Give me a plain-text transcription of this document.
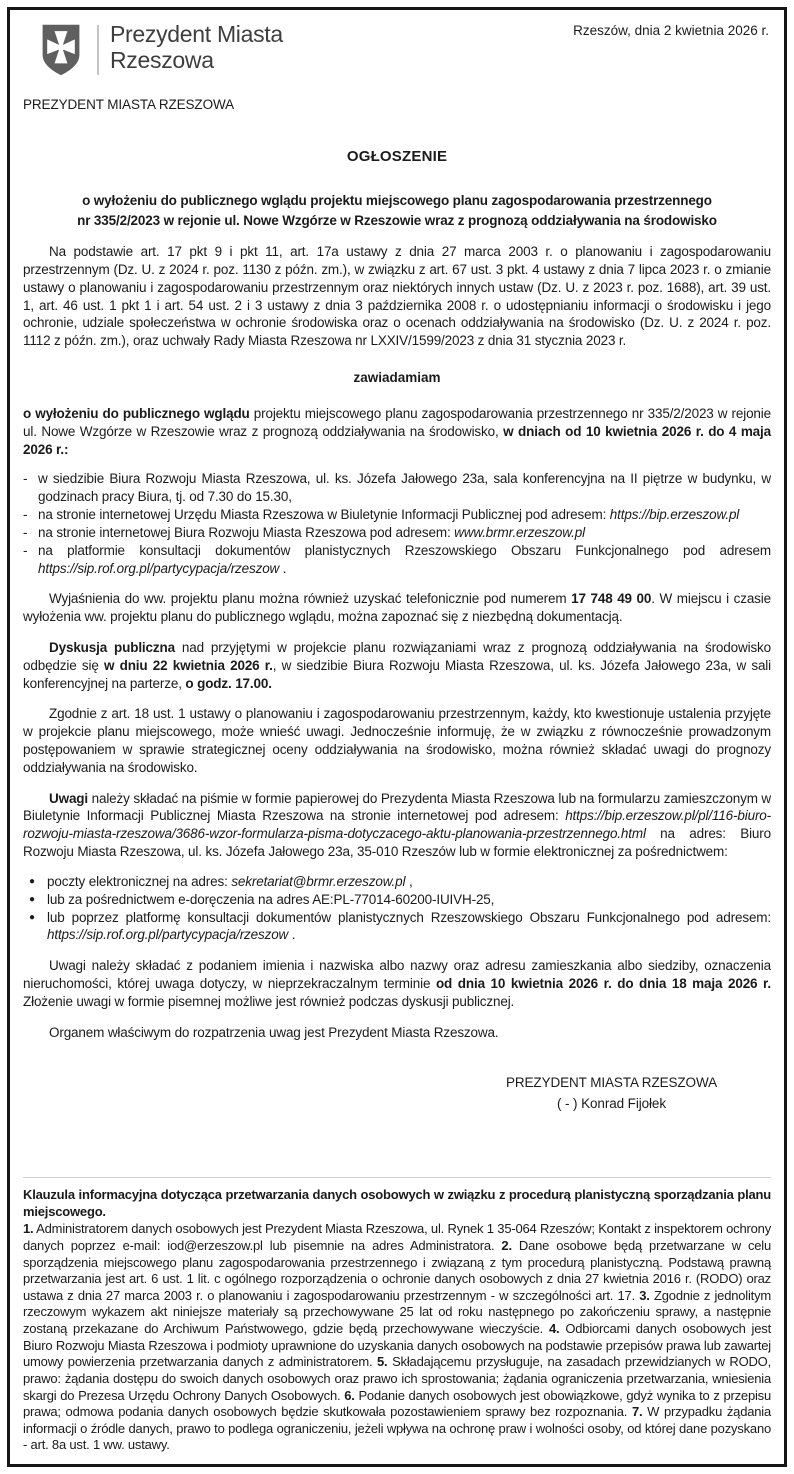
Prezydent Miasta
Rzeszowa
Rzeszów, dnia 2 kwietnia 2026 r.
PREZYDENT MIASTA RZESZOWA
OGŁOSZENIE
o wyłożeniu do publicznego wglądu projektu miejscowego planu zagospodarowania przestrzennego
nr 335/2/2023 w rejonie ul. Nowe Wzgórze w Rzeszowie wraz z prognozą oddziaływania na środowisko
Na podstawie art. 17 pkt 9 i pkt 11, art. 17a ustawy z dnia 27 marca 2003 r. o planowaniu i zagospodarowaniu przestrzennym (Dz. U. z 2024 r. poz. 1130 z późn. zm.), w związku z art. 67 ust. 3 pkt. 4 ustawy z dnia 7 lipca 2023 r. o zmianie ustawy o planowaniu i zagospodarowaniu przestrzennym oraz niektórych innych ustaw (Dz. U. z 2023 r. poz. 1688), art. 39 ust. 1, art. 46 ust. 1 pkt 1 i art. 54 ust. 2 i 3 ustawy z dnia 3 października 2008 r. o udostępnianiu informacji o środowisku i jego ochronie, udziale społeczeństwa w ochronie środowiska oraz o ocenach oddziaływania na środowisko (Dz. U. z 2024 r. poz. 1112 z późn. zm.), oraz uchwały Rady Miasta Rzeszowa nr LXXIV/1599/2023 z dnia 31 stycznia 2023 r.
zawiadamiam
o wyłożeniu do publicznego wglądu projektu miejscowego planu zagospodarowania przestrzennego nr 335/2/2023 w rejonie ul. Nowe Wzgórze w Rzeszowie wraz z prognozą oddziaływania na środowisko, w dniach od 10 kwietnia 2026 r. do 4 maja 2026 r.:
- w siedzibie Biura Rozwoju Miasta Rzeszowa, ul. ks. Józefa Jałowego 23a, sala konferencyjna na II piętrze w budynku, w godzinach pracy Biura, tj. od 7.30 do 15.30,
- na stronie internetowej Urzędu Miasta Rzeszowa w Biuletynie Informacji Publicznej pod adresem: https://bip.erzeszow.pl
- na stronie internetowej Biura Rozwoju Miasta Rzeszowa pod adresem: www.brmr.erzeszow.pl
- na platformie konsultacji dokumentów planistycznych Rzeszowskiego Obszaru Funkcjonalnego pod adresem https://sip.rof.org.pl/partycypacja/rzeszow .
Wyjaśnienia do ww. projektu planu można również uzyskać telefonicznie pod numerem 17 748 49 00. W miejscu i czasie wyłożenia ww. projektu planu do publicznego wglądu, można zapoznać się z niezbędną dokumentacją.
Dyskusja publiczna nad przyjętymi w projekcie planu rozwiązaniami wraz z prognozą oddziaływania na środowisko odbędzie się w dniu 22 kwietnia 2026 r., w siedzibie Biura Rozwoju Miasta Rzeszowa, ul. ks. Józefa Jałowego 23a, w sali konferencyjnej na parterze, o godz. 17.00.
Zgodnie z art. 18 ust. 1 ustawy o planowaniu i zagospodarowaniu przestrzennym, każdy, kto kwestionuje ustalenia przyjęte w projekcie planu miejscowego, może wnieść uwagi. Jednocześnie informuję, że w związku z równocześnie prowadzonym postępowaniem w sprawie strategicznej oceny oddziaływania na środowisko, można również składać uwagi do prognozy oddziaływania na środowisko.
Uwagi należy składać na piśmie w formie papierowej do Prezydenta Miasta Rzeszowa lub na formularzu zamieszczonym w Biuletynie Informacji Publicznej Miasta Rzeszowa na stronie internetowej pod adresem: https://bip.erzeszow.pl/pl/116-biuro-rozwoju-miasta-rzeszowa/3686-wzor-formularza-pisma-dotyczacego-aktu-planowania-przestrzennego.html na adres: Biuro Rozwoju Miasta Rzeszowa, ul. ks. Józefa Jałowego 23a, 35-010 Rzeszów lub w formie elektronicznej za pośrednictwem:
● poczty elektronicznej na adres: sekretariat@brmr.erzeszow.pl ,
● lub za pośrednictwem e-doręczenia na adres AE:PL-77014-60200-IUIVH-25,
● lub poprzez platformę konsultacji dokumentów planistycznych Rzeszowskiego Obszaru Funkcjonalnego pod adresem: https://sip.rof.org.pl/partycypacja/rzeszow .
Uwagi należy składać z podaniem imienia i nazwiska albo nazwy oraz adresu zamieszkania albo siedziby, oznaczenia nieruchomości, której uwaga dotyczy, w nieprzekraczalnym terminie od dnia 10 kwietnia 2026 r. do dnia 18 maja 2026 r. Złożenie uwagi w formie pisemnej możliwe jest również podczas dyskusji publicznej.
Organem właściwym do rozpatrzenia uwag jest Prezydent Miasta Rzeszowa.
PREZYDENT MIASTA RZESZOWA
( - ) Konrad Fijołek
Klauzula informacyjna dotycząca przetwarzania danych osobowych w związku z procedurą planistyczną sporządzania planu miejscowego.
1. Administratorem danych osobowych jest Prezydent Miasta Rzeszowa, ul. Rynek 1 35-064 Rzeszów; Kontakt z inspektorem ochrony danych poprzez e-mail: iod@erzeszow.pl lub pisemnie na adres Administratora. 2. Dane osobowe będą przetwarzane w celu sporządzenia miejscowego planu zagospodarowania przestrzennego i związaną z tym procedurą planistyczną. Podstawą prawną przetwarzania jest art. 6 ust. 1 lit. c ogólnego rozporządzenia o ochronie danych osobowych z dnia 27 kwietnia 2016 r. (RODO) oraz ustawa z dnia 27 marca 2003 r. o planowaniu i zagospodarowaniu przestrzennym - w szczególności art. 17. 3. Zgodnie z jednolitym rzeczowym wykazem akt niniejsze materiały są przechowywane 25 lat od roku następnego po zakończeniu sprawy, a następnie zostaną przekazane do Archiwum Państwowego, gdzie będą przechowywane wieczyście. 4. Odbiorcami danych osobowych jest Biuro Rozwoju Miasta Rzeszowa i podmioty uprawnione do uzyskania danych osobowych na podstawie przepisów prawa lub zawartej umowy powierzenia przetwarzania danych z administratorem. 5. Składającemu przysługuje, na zasadach przewidzianych w RODO, prawo: żądania dostępu do swoich danych osobowych oraz prawo ich sprostowania; żądania ograniczenia przetwarzania, wniesienia skargi do Prezesa Urzędu Ochrony Danych Osobowych. 6. Podanie danych osobowych jest obowiązkowe, gdyż wynika to z przepisu prawa; odmowa podania danych osobowych będzie skutkowała pozostawieniem sprawy bez rozpoznania. 7. W przypadku żądania informacji o źródle danych, prawo to podlega ograniczeniu, jeżeli wpływa na ochronę praw i wolności osoby, od której dane pozyskano - art. 8a ust. 1 ww. ustawy.
